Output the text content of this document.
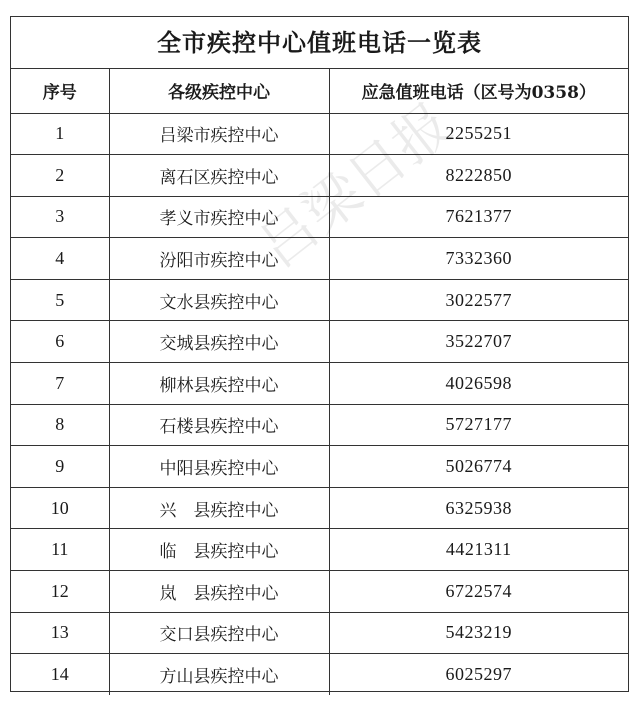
全市疾控中心值班电话一览表
序号	各级疾控中心	应急值班电话（区号为0358）
1	吕梁市疾控中心	2255251
2	离石区疾控中心	8222850
3	孝义市疾控中心	7621377
4	汾阳市疾控中心	7332360
5	文水县疾控中心	3022577
6	交城县疾控中心	3522707
7	柳林县疾控中心	4026598
8	石楼县疾控中心	5727177
9	中阳县疾控中心	5026774
10	兴　县疾控中心	6325938
11	临　县疾控中心	4421311
12	岚　县疾控中心	6722574
13	交口县疾控中心	5423219
14	方山县疾控中心	6025297
吕梁日报
